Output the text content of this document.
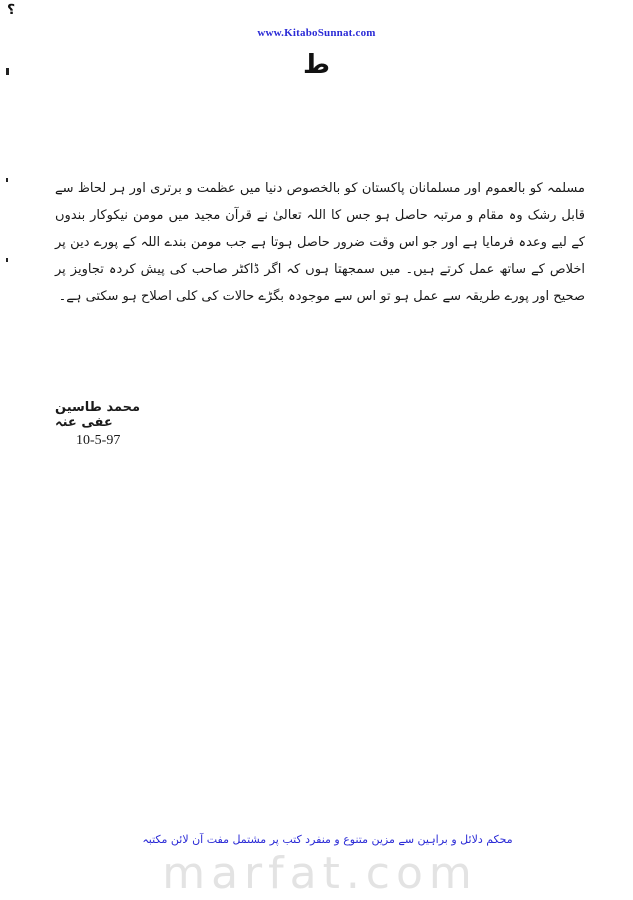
؟
www.KitaboSunnat.com
ط
مسلمہ کو بالعموم اور مسلمانان پاکستان کو بالخصوص دنیا میں عظمت و برتری اور ہر لحاظ سے قابل رشک وہ مقام و مرتبہ حاصل ہو جس کا اللہ تعالیٰ نے قرآن مجید میں مومن نیکوکار بندوں کے لیے وعدہ فرمایا ہے اور جو اس وقت ضرور حاصل ہوتا ہے جب مومن بندے اللہ کے پورے دین پر اخلاص کے ساتھ عمل کرتے ہیں۔ میں سمجھتا ہوں کہ اگر ڈاکٹر صاحب کی پیش کردہ تجاویز پر صحیح اور پورے طریقہ سے عمل ہو تو اس سے موجودہ بگڑے حالات کی کلی اصلاح ہو سکتی ہے۔
محمد طاسین عفی عنہ
10-5-97
محکم دلائل و براہین سے مزین متنوع و منفرد کتب پر مشتمل مفت آن لائن مکتبہ
marfat.com
